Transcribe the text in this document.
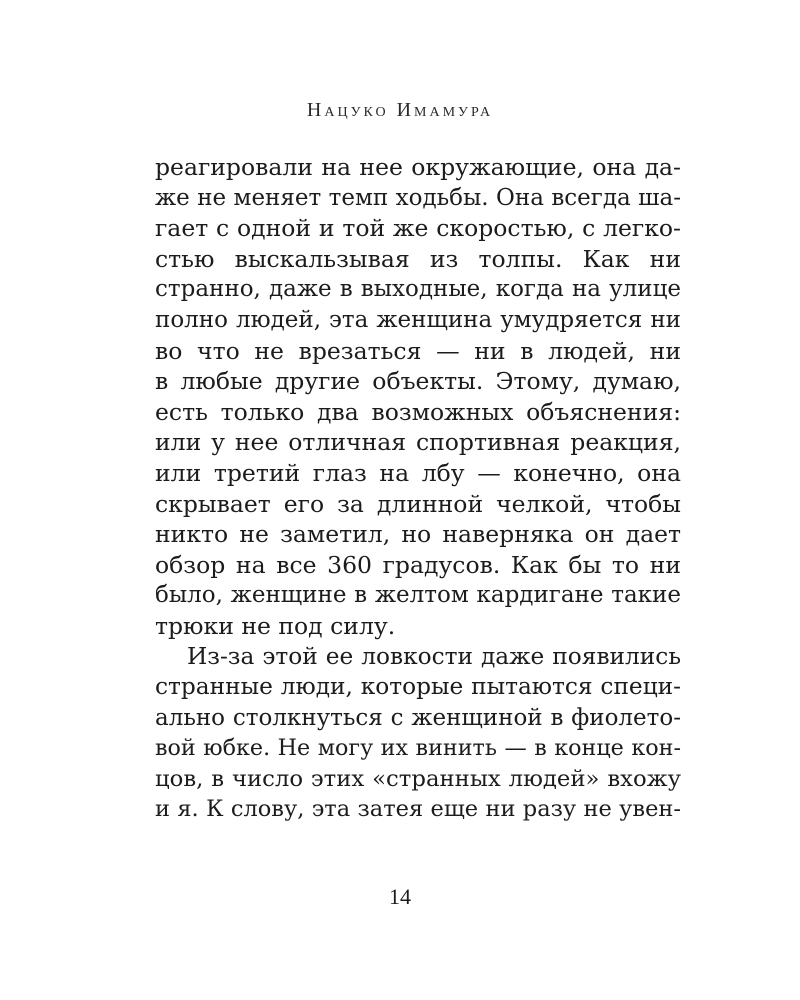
Нацуко Имамура
реагировали на нее окружающие, она да-
же не меняет темп ходьбы. Она всегда ша-
гает с одной и той же скоростью, с легко-
стью выскальзывая из толпы. Как ни
странно, даже в выходные, когда на улице
полно людей, эта женщина умудряется ни
во что не врезаться — ни в людей, ни
в любые другие объекты. Этому, думаю,
есть только два возможных объяснения:
или у нее отличная спортивная реакция,
или третий глаз на лбу — конечно, она
скрывает его за длинной челкой, чтобы
никто не заметил, но наверняка он дает
обзор на все 360 градусов. Как бы то ни
было, женщине в желтом кардигане такие
трюки не под силу.
Из-за этой ее ловкости даже появились
странные люди, которые пытаются специ-
ально столкнуться с женщиной в фиолето-
вой юбке. Не могу их винить — в конце кон-
цов, в число этих «странных людей» вхожу
и я. К слову, эта затея еще ни разу не увен-
14
